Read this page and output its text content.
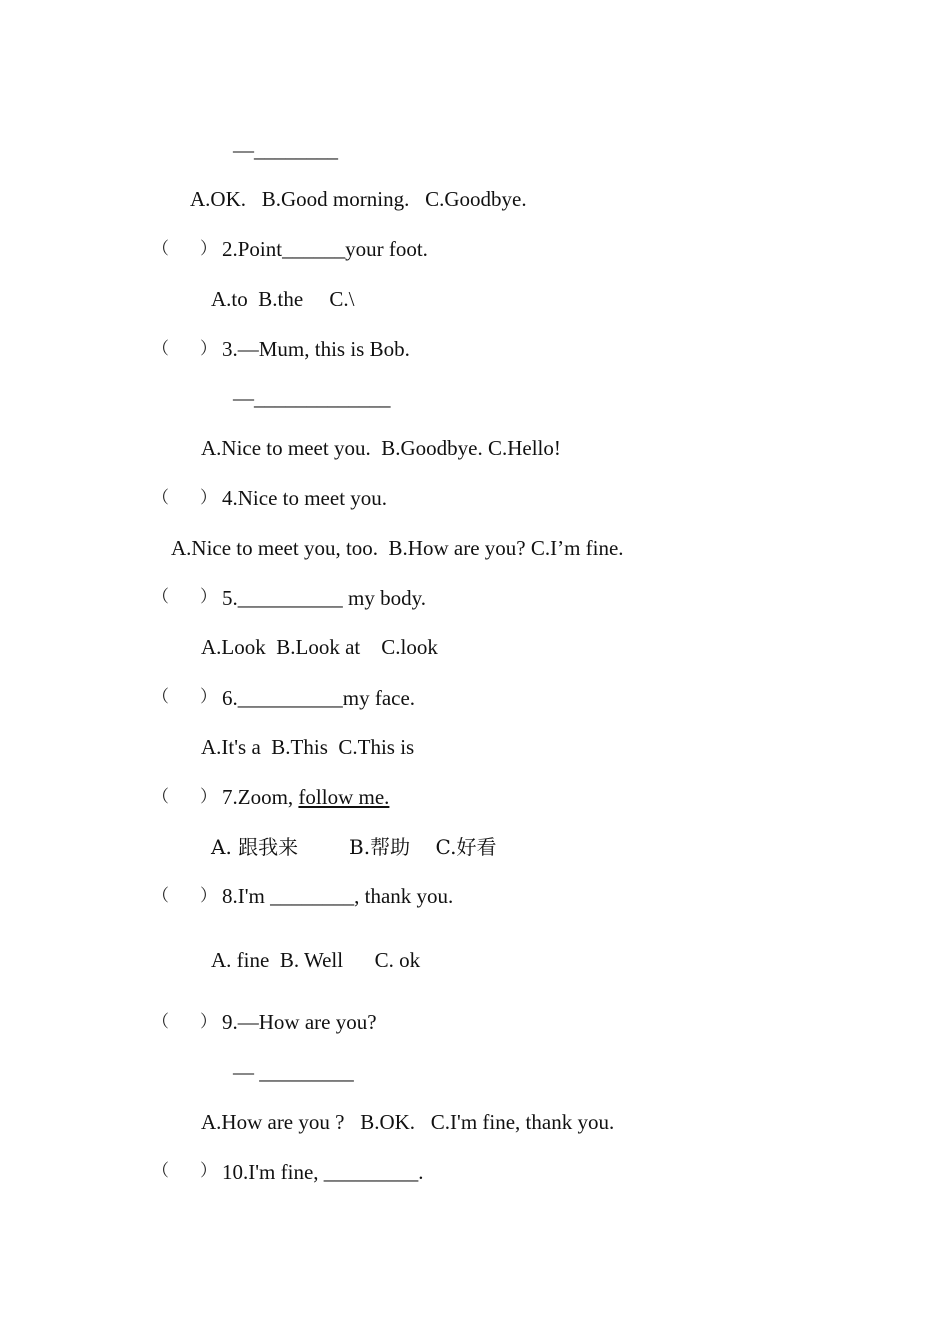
—________
A.OK.   B.Good morning.   C.Goodbye.
（ ） 2.Point______your foot.
A.to  B.the     C.\
（ ） 3.—Mum, this is Bob.
—_____________
A.Nice to meet you.  B.Goodbye. C.Hello!
（ ） 4.Nice to meet you.
A.Nice to meet you, too.  B.How are you? C.I’m fine.
（ ） 5.__________ my body.
A.Look  B.Look at    C.look
（ ） 6.__________my face.
A.It's a  B.This  C.This is
（ ） 7.Zoom, follow me.
A. 跟我来        B.帮助    C.好看
（ ） 8.I'm ________, thank you.
A. fine  B. Well      C. ok
（ ） 9.—How are you?
— _________
A.How are you ?   B.OK.   C.I'm fine, thank you.
（ ） 10.I'm fine, _________.
